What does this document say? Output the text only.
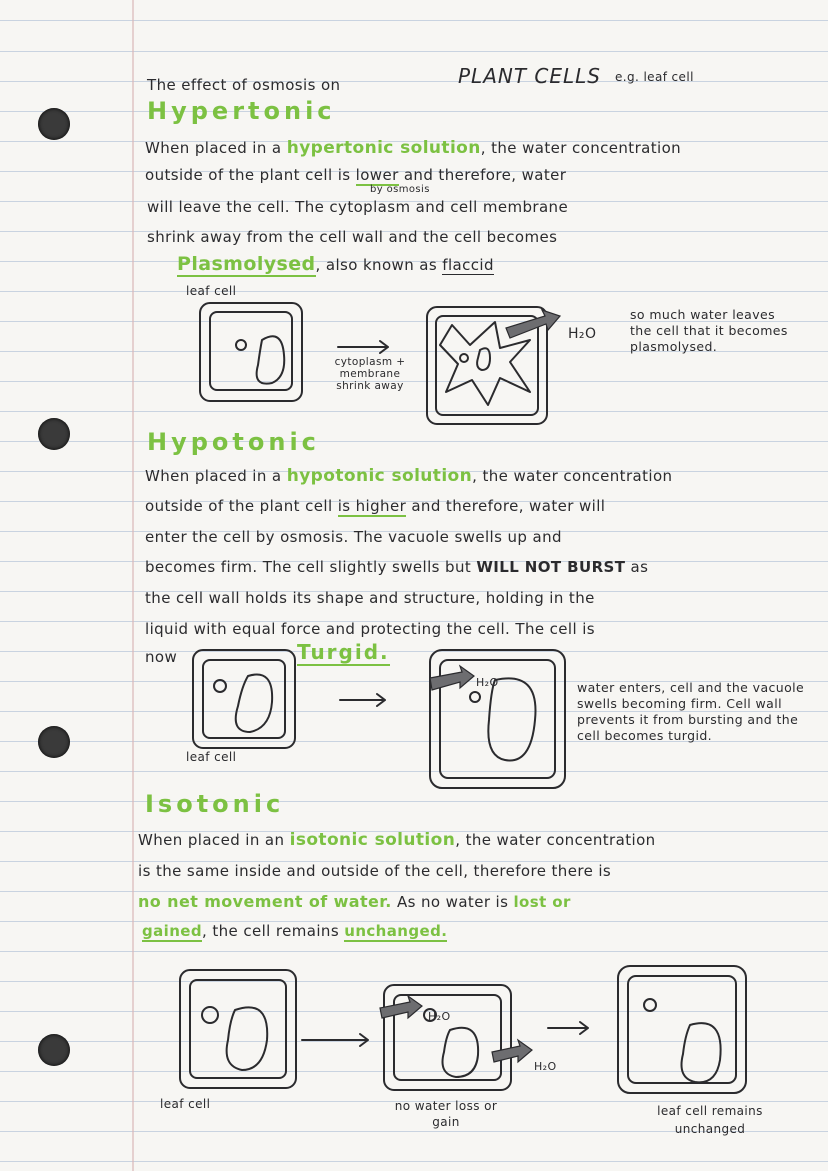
The effect of osmosis on	PLANT CELLS e.g. leaf cell
Hypertonic
When placed in a hypertonic solution, the water concentration
outside of the plant cell is lower and therefore, water
by osmosis
will leave the cell. The cytoplasm and cell membrane
shrink away from the cell wall and the cell becomes
Plasmolysed, also known as flaccid
leaf cell
cytoplasm + membrane shrink away
H₂O
so much water leaves the cell that it becomes plasmolysed.
Hypotonic
When placed in a hypotonic solution, the water concentration
outside of the plant cell is higher and therefore, water will
enter the cell by osmosis. The vacuole swells up and
becomes firm. The cell slightly swells but WILL NOT BURST as
the cell wall holds its shape and structure, holding in the
liquid with equal force and protecting the cell. The cell is
now	Turgid.
leaf cell
H₂O	water enters, cell and the vacuole swells becoming firm. Cell wall prevents it from bursting and the cell becomes turgid.
Isotonic
When placed in an isotonic solution, the water concentration
is the same inside and outside of the cell, therefore there is
no net movement of water. As no water is lost or
gained, the cell remains unchanged.
leaf cell
H₂O
H₂O
no water loss or gain
leaf cell remains unchanged
